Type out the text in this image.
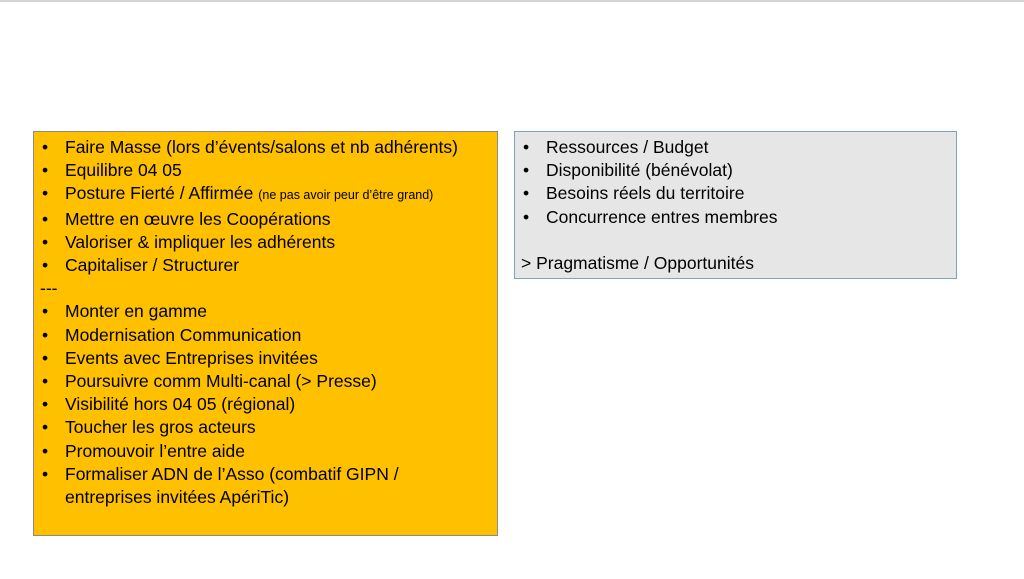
• Faire Masse (lors d’évents/salons et nb adhérents)
• Equilibre 04 05
• Posture Fierté / Affirmée (ne pas avoir peur d’être grand)
• Mettre en œuvre les Coopérations
• Valoriser & impliquer les adhérents
• Capitaliser / Structurer
---
• Monter en gamme
• Modernisation Communication
• Events avec Entreprises invitées
• Poursuivre comm Multi-canal (> Presse)
• Visibilité hors 04 05 (régional)
• Toucher les gros acteurs
• Promouvoir l’entre aide
• Formaliser ADN de l’Asso (combatif GIPN / entreprises invitées ApériTic)
• Ressources / Budget
• Disponibilité (bénévolat)
• Besoins réels du territoire
• Concurrence entres membres
> Pragmatisme / Opportunités
